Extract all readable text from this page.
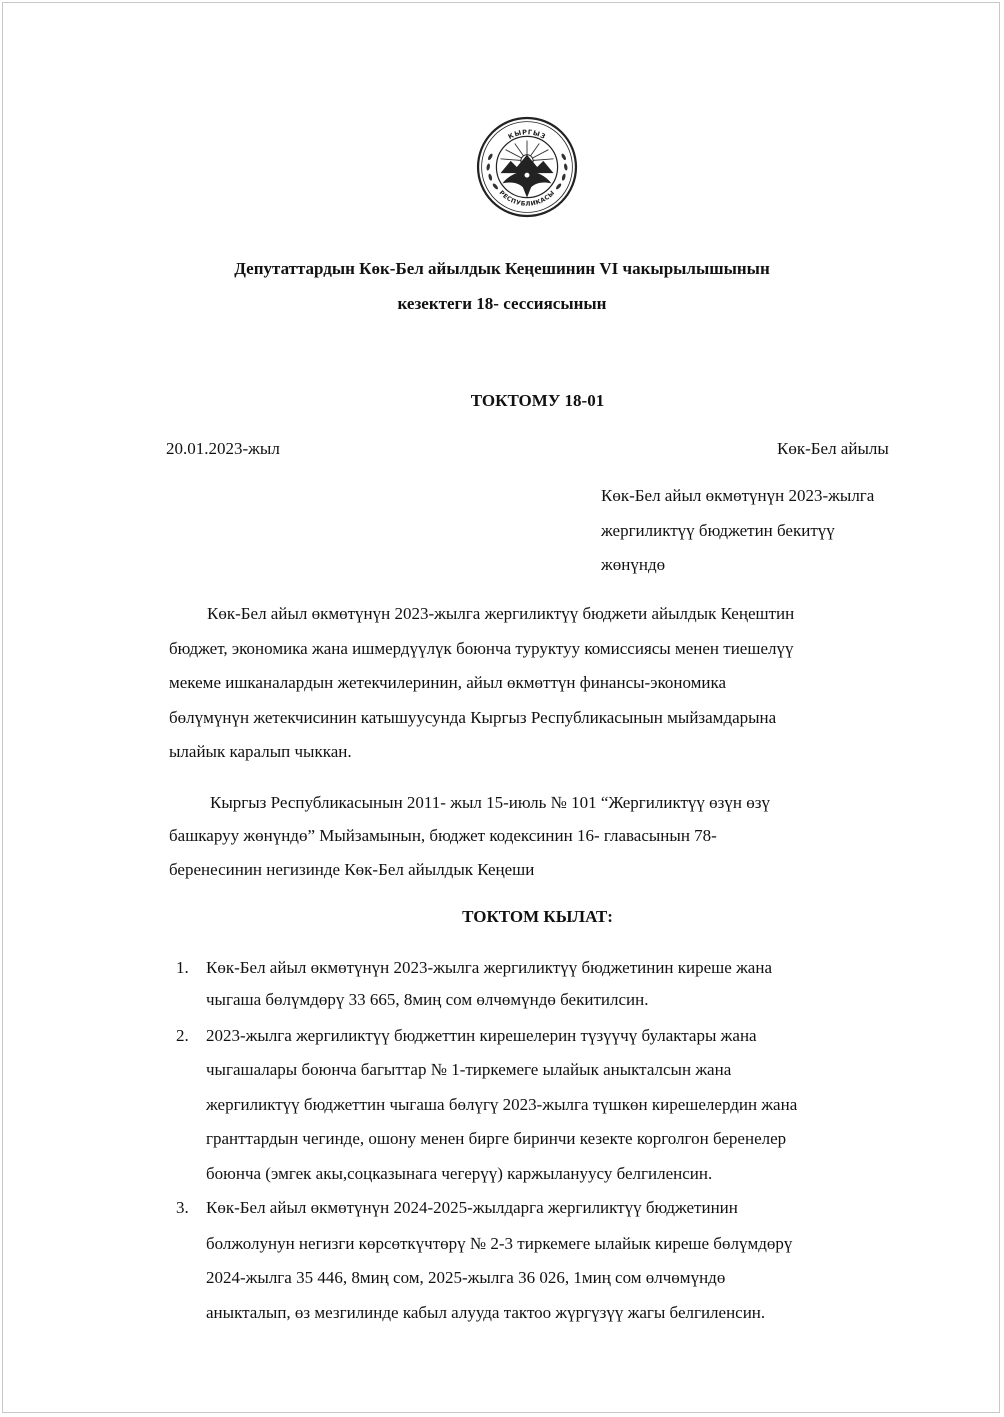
КЫРГЫЗ
РЕСПУБЛИКАСЫ
Депутаттардын Көк-Бел айылдык Кеңешинин VI чакырылышынын
кезектеги 18- сессиясынын
ТОКТОМУ 18-01
20.01.2023-жыл	Көк-Бел айылы
Көк-Бел айыл өкмөтүнүн 2023-жылга
жергиликтүү бюджетин бекитүү
жөнүндө
Көк-Бел айыл өкмөтүнүн 2023-жылга жергиликтүү бюджети айылдык Кеңештин
бюджет, экономика жана ишмердүүлүк боюнча туруктуу комиссиясы менен тиешелүү
мекеме ишканалардын жетекчилеринин, айыл өкмөттүн финансы-экономика
бөлүмүнүн жетекчисинин катышуусунда Кыргыз Республикасынын мыйзамдарына
ылайык каралып чыккан.
Кыргыз Республикасынын 2011- жыл 15-июль № 101 “Жергиликтүү өзүн өзү
башкаруу жөнүндө” Мыйзамынын, бюджет кодексинин 16- главасынын 78-
беренесинин негизинде Көк-Бел айылдык Кеңеши
ТОКТОМ КЫЛАТ:
1. Көк-Бел айыл өкмөтүнүн 2023-жылга жергиликтүү бюджетинин киреше жана
чыгаша бөлүмдөрү 33 665, 8миң сом өлчөмүндө бекитилсин.
2. 2023-жылга жергиликтүү бюджеттин кирешелерин түзүүчү булактары жана
чыгашалары боюнча багыттар № 1-тиркемеге ылайык аныкталсын жана
жергиликтүү бюджеттин чыгаша бөлүгү 2023-жылга түшкөн кирешелердин жана
гранттардын чегинде, ошону менен бирге биринчи кезекте корголгон беренелер
боюнча (эмгек акы,соцказынага чегерүү) каржылануусу белгиленсин.
3. Көк-Бел айыл өкмөтүнүн 2024-2025-жылдарга жергиликтүү бюджетинин
болжолунун негизги көрсөткүчтөрү № 2-3 тиркемеге ылайык киреше бөлүмдөрү
2024-жылга 35 446, 8миң сом, 2025-жылга 36 026, 1миң сом өлчөмүндө
аныкталып, өз мезгилинде кабыл алууда тактоо жүргүзүү жагы белгиленсин.
